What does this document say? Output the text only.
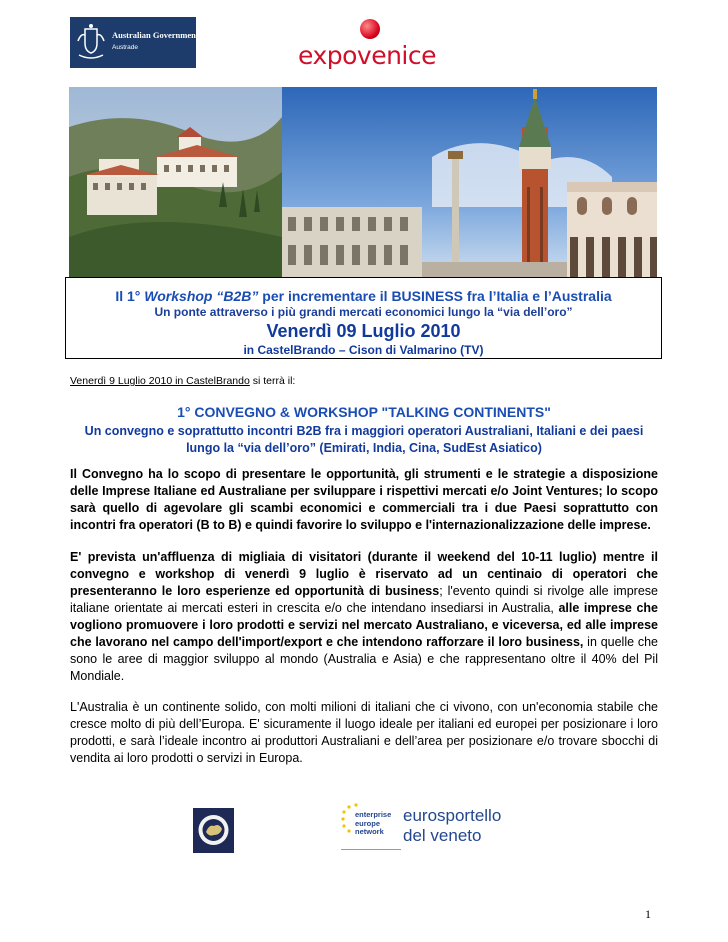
Australian Government
Austrade	expovenice
Il 1° Workshop “B2B” per incrementare il BUSINESS fra l’Italia e l’Australia
Un ponte attraverso i più grandi mercati economici lungo la “via dell’oro”
Venerdì 09 Luglio 2010
in CastelBrando – Cison di Valmarino (TV)
Venerdì 9 Luglio 2010 in CastelBrando si terrà il:
1° CONVEGNO & WORKSHOP "TALKING CONTINENTS"
Un convegno e soprattutto incontri B2B fra i maggiori operatori Australiani, Italiani e dei paesi lungo la “via dell’oro” (Emirati, India, Cina, SudEst Asiatico)
Il Convegno ha lo scopo di presentare le opportunità, gli strumenti e le strategie a disposizione delle Imprese Italiane ed Australiane per sviluppare i rispettivi mercati e/o Joint Ventures; lo scopo sarà quello di agevolare gli scambi economici e commerciali tra i due Paesi soprattutto con incontri fra operatori (B to B) e quindi favorire lo sviluppo e l'internazionalizzazione delle imprese.
E' prevista un'affluenza di migliaia di visitatori (durante il weekend del 10-11 luglio) mentre il convegno e workshop di venerdì 9 luglio è riservato ad un centinaio di operatori che presenteranno le loro esperienze ed opportunità di business; l'evento quindi si rivolge alle imprese italiane orientate ai mercati esteri in crescita e/o che intendano insediarsi in Australia, alle imprese che vogliono promuovere i loro prodotti e servizi nel mercato Australiano, e viceversa, ed alle imprese che lavorano nel campo dell'import/export e che intendono rafforzare il loro business, in quelle che sono le aree di maggior sviluppo al mondo (Australia e Asia) e che rappresentano oltre il 40% del Pil Mondiale.
L'Australia è un continente solido, con molti milioni di italiani che ci vivono, con un'economia stabile che cresce molto di più dell’Europa. E' sicuramente il luogo ideale per italiani ed europei per posizionare i loro prodotti, e sarà l’ideale incontro ai produttori Australiani e dell’area per posizionare e/o trovare sbocchi di vendita ai loro prodotti o servizi in Europa.
enterprise
europe
network
eurosportello
del veneto
1
